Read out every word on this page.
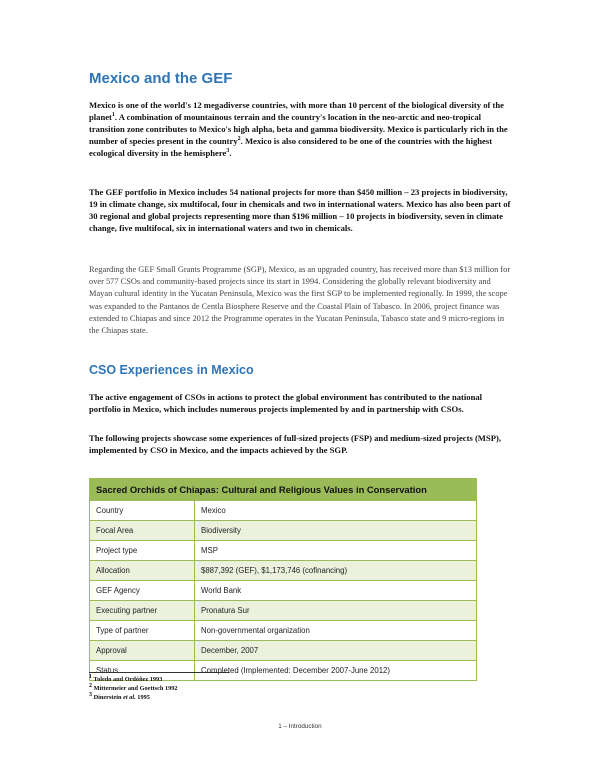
Mexico and the GEF

Mexico is one of the world's 12 megadiverse countries, with more than 10 percent of the biological diversity of the planet$^1$. A combination of mountainous terrain and the country's location in the neo-arctic and neo-tropical transition zone contributes to Mexico's high alpha, beta and gamma biodiversity. Mexico is particularly rich in the number of species present in the country$^2$. Mexico is also considered to be one of the countries with the highest ecological diversity in the hemisphere$^3$.

The GEF portfolio in Mexico includes 54 national projects for more than $450 million – 23 projects in biodiversity, 19 in climate change, six multifocal, four in chemicals and two in international waters. Mexico has also been part of 30 regional and global projects representing more than $196 million – 10 projects in biodiversity, seven in climate change, five multifocal, six in international waters and two in chemicals.

Regarding the GEF Small Grants Programme (SGP), Mexico, as an upgraded country, has received more than $13 million for over 577 CSOs and community-based projects since its start in 1994. Considering the globally relevant biodiversity and Mayan cultural identity in the Yucatan Peninsula, Mexico was the first SGP to be implemented regionally. In 1999, the scope was expanded to the Pantanos de Centla Biosphere Reserve and the Coastal Plain of Tabasco. In 2006, project finance was extended to Chiapas and since 2012 the Programme operates in the Yucatan Peninsula, Tabasco state and 9 micro-regions in the Chiapas state.

CSO Experiences in Mexico

The active engagement of CSOs in actions to protect the global environment has contributed to the national portfolio in Mexico, which includes numerous projects implemented by and in partnership with CSOs.

The following projects showcase some experiences of full-sized projects (FSP) and medium-sized projects (MSP), implemented by CSO in Mexico, and the impacts achieved by the SGP.

Sacred Orchids of Chiapas: Cultural and Religious Values in Conservation	
Country	Mexico
Focal Area	Biodiversity
Project type	MSP
Allocation	$887,392 (GEF), $1,173,746 (cofinancing)
GEF Agency	World Bank
Executing partner	Pronatura Sur
Type of partner	Non-governmental organization
Approval	December, 2007
Status	Completed (Implemented: December 2007-June 2012)

$^1$ Toledo and Ordóñez 1993

$^2$ Mittermeier and Goettsch 1992

$^3$ Dinerstein et al. 1995

1 – Introduction
